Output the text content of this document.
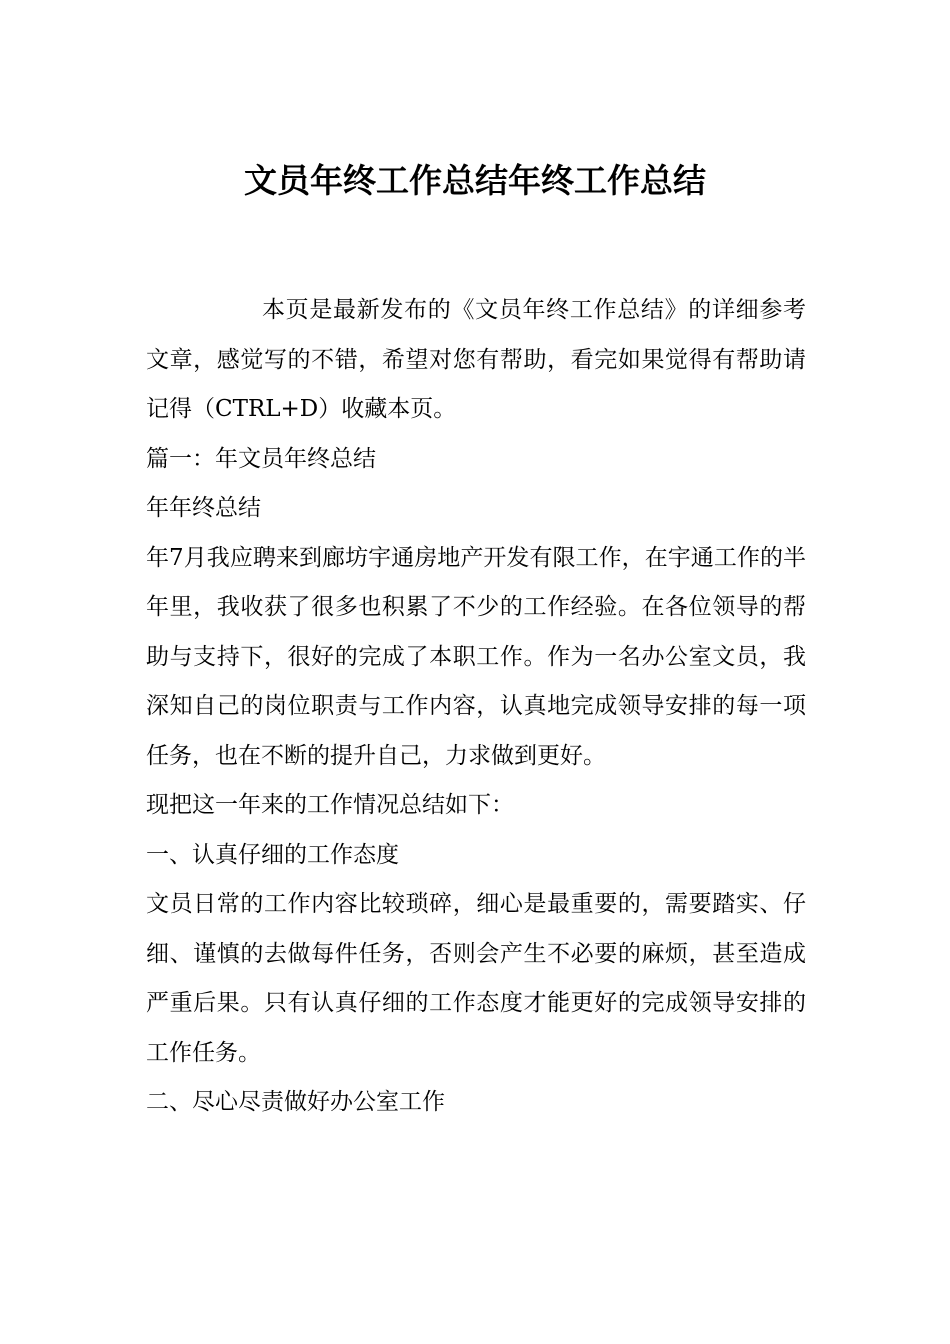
文员年终工作总结年终工作总结

本页是最新发布的《文员年终工作总结》的详细参考文章，感觉写的不错，希望对您有帮助，看完如果觉得有帮助请记得（CTRL+D）收藏本页。

篇一：年文员年终总结

年年终总结

年7月我应聘来到廊坊宇通房地产开发有限工作，在宇通工作的半年里，我收获了很多也积累了不少的工作经验。在各位领导的帮助与支持下，很好的完成了本职工作。作为一名办公室文员，我深知自己的岗位职责与工作内容，认真地完成领导安排的每一项任务，也在不断的提升自己，力求做到更好。

现把这一年来的工作情况总结如下：

一、认真仔细的工作态度

文员日常的工作内容比较琐碎，细心是最重要的，需要踏实、仔细、谨慎的去做每件任务，否则会产生不必要的麻烦，甚至造成严重后果。只有认真仔细的工作态度才能更好的完成领导安排的工作任务。

二、尽心尽责做好办公室工作
